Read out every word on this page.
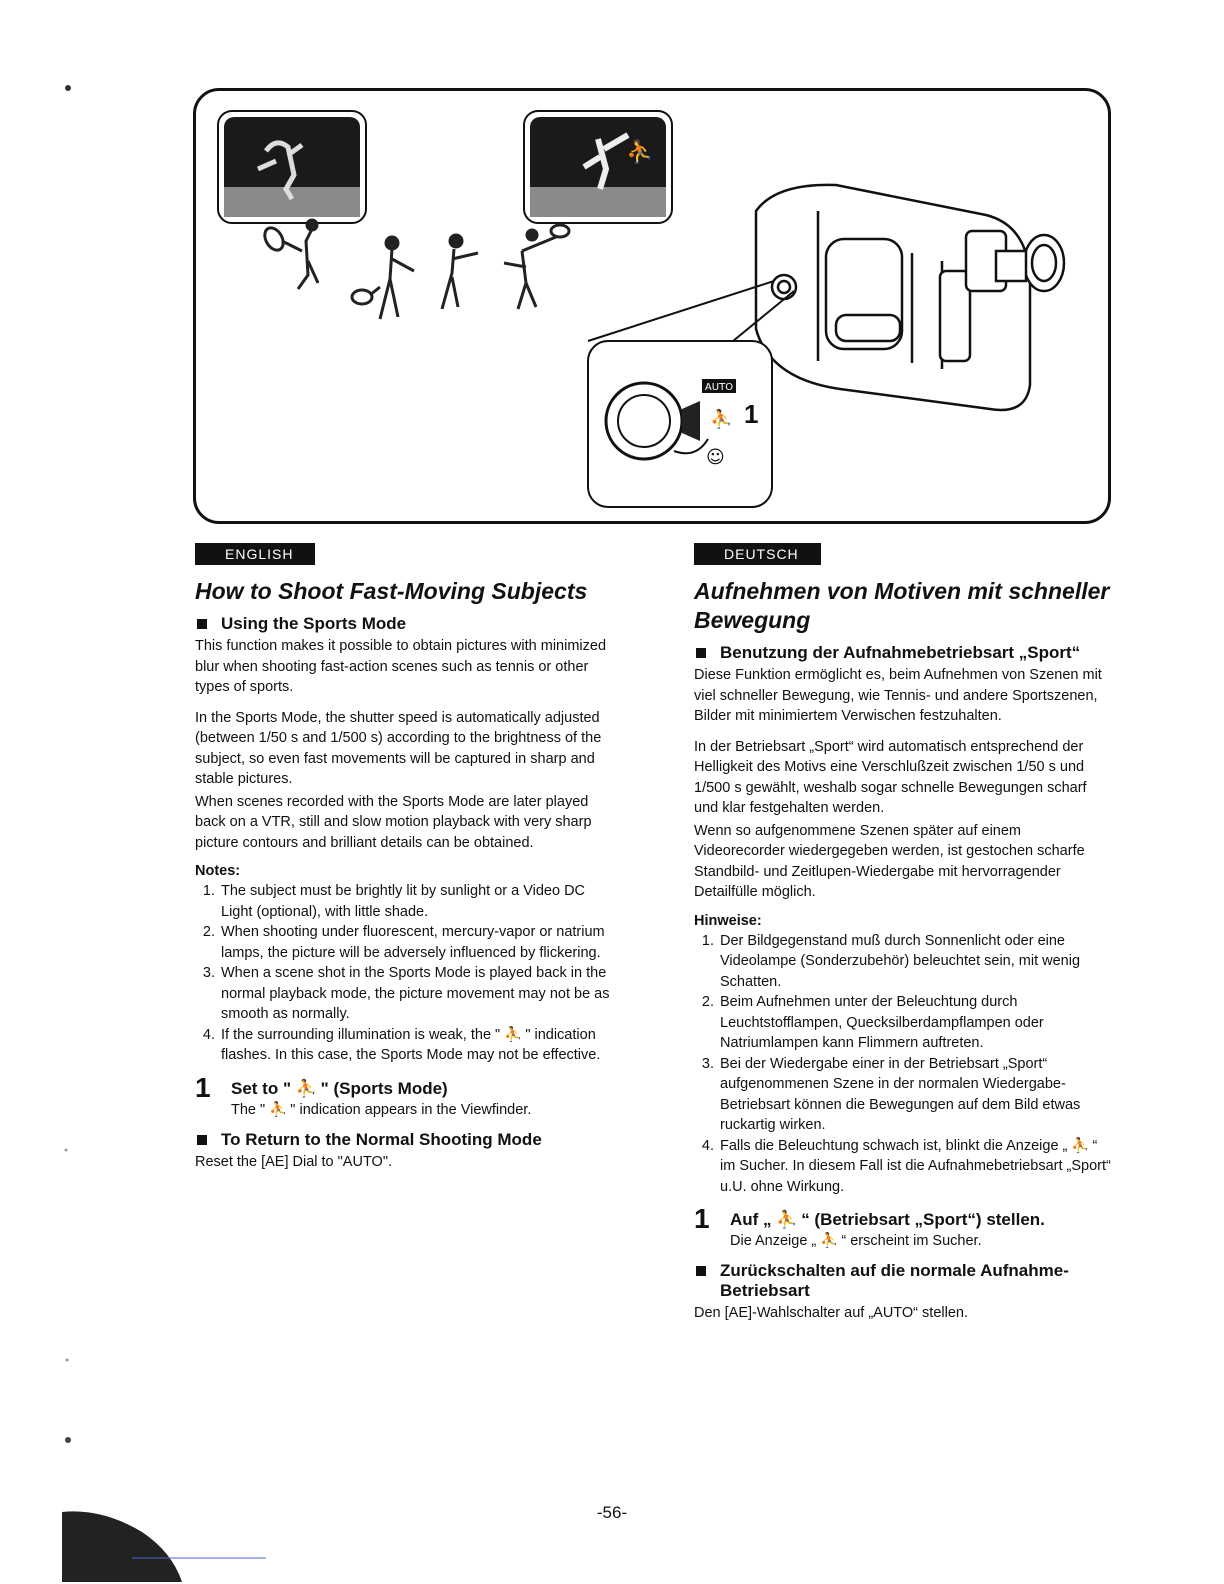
⛹
AUTO
⛹ 1
☺
ENGLISH
How to Shoot Fast-Moving Subjects
Using the Sports Mode

This function makes it possible to obtain pictures with minimized blur when shooting fast-action scenes such as tennis or other types of sports.

In the Sports Mode, the shutter speed is automatically adjusted (between 1/50 s and 1/500 s) according to the brightness of the subject, so even fast movements will be captured in sharp and stable pictures.

When scenes recorded with the Sports Mode are later played back on a VTR, still and slow motion playback with very sharp picture contours and brilliant details can be obtained.

Notes:
1. The subject must be brightly lit by sunlight or a Video DC Light (optional), with little shade.
2. When shooting under fluorescent, mercury-vapor or natrium lamps, the picture will be adversely influenced by flickering.
3. When a scene shot in the Sports Mode is played back in the normal playback mode, the picture movement may not be as smooth as normally.
4. If the surrounding illumination is weak, the " ⛹ " indication flashes. In this case, the Sports Mode may not be effective.
1	Set to " ⛹ " (Sports Mode)
The " ⛹ " indication appears in the Viewfinder.
To Return to the Normal Shooting Mode

Reset the [AE] Dial to "AUTO".

DEUTSCH
Aufnehmen von Motiven mit schneller Bewegung
Benutzung der Aufnahmebetriebsart „Sport“

Diese Funktion ermöglicht es, beim Aufnehmen von Szenen mit viel schneller Bewegung, wie Tennis- und andere Sportszenen, Bilder mit minimiertem Verwischen festzuhalten.

In der Betriebsart „Sport“ wird automatisch entsprechend der Helligkeit des Motivs eine Verschlußzeit zwischen 1/50 s und 1/500 s gewählt, weshalb sogar schnelle Bewegungen scharf und klar festgehalten werden.

Wenn so aufgenommene Szenen später auf einem Videorecorder wiedergegeben werden, ist gestochen scharfe Standbild- und Zeitlupen-Wiedergabe mit hervorragender Detailfülle möglich.

Hinweise:
1. Der Bildgegenstand muß durch Sonnenlicht oder eine Videolampe (Sonderzubehör) beleuchtet sein, mit wenig Schatten.
2. Beim Aufnehmen unter der Beleuchtung durch Leuchtstofflampen, Quecksilberdampflampen oder Natriumlampen kann Flimmern auftreten.
3. Bei der Wiedergabe einer in der Betriebsart „Sport“ aufgenommenen Szene in der normalen Wiedergabe-Betriebsart können die Bewegungen auf dem Bild etwas ruckartig wirken.
4. Falls die Beleuchtung schwach ist, blinkt die Anzeige „ ⛹ “ im Sucher. In diesem Fall ist die Aufnahmebetriebsart „Sport“ u.U. ohne Wirkung.
1	Auf „ ⛹ “ (Betriebsart „Sport“) stellen.
Die Anzeige „ ⛹ “ erscheint im Sucher.
Zurückschalten auf die normale Aufnahme-Betriebsart

Den [AE]-Wahlschalter auf „AUTO“ stellen.

-56-
